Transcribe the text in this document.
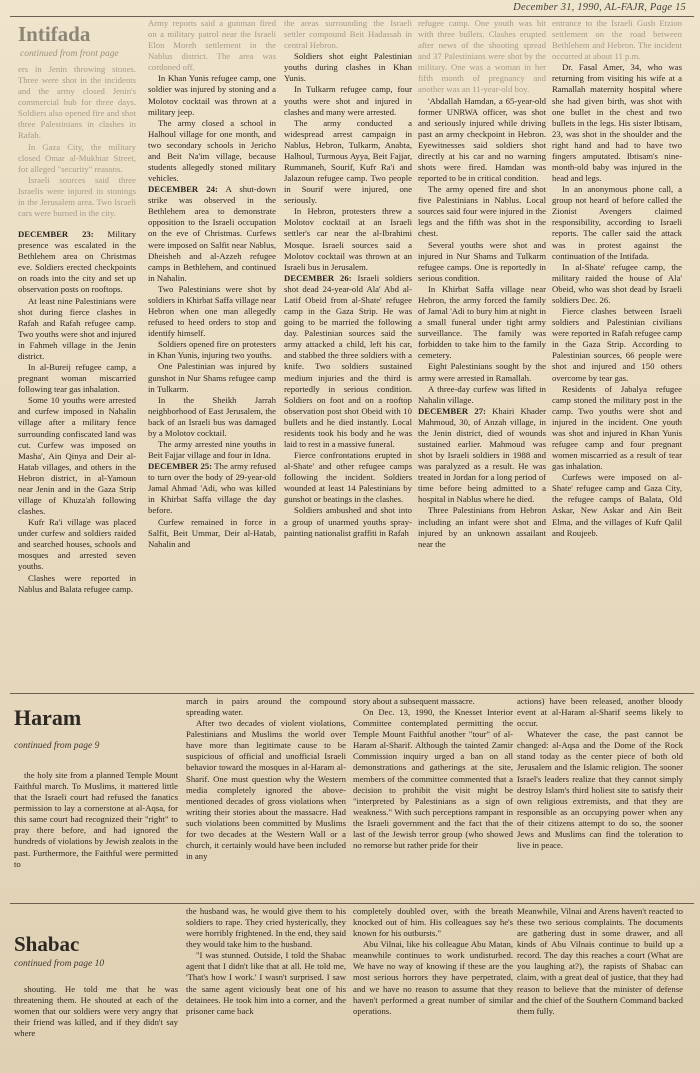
December 31, 1990, AL-FAJR, Page 15
Intifada
continued from front page

ers in Jenin throwing stones. Three were shot in the incidents and the army closed Jenin's commercial hub for three days. Soldiers also opened fire and shot three Palestinians in clashes in Rafah.

In Gaza City, the military closed Omar al-Mukhtar Street, for alleged "security" reasons.

Israeli sources said three Israelis were injured in stonings in the Jerusalem area. Two Israeli cars were burned in the city.

DECEMBER 23: Military presence was escalated in the Bethlehem area on Christmas eve. Soldiers erected checkpoints on roads into the city and set up observation posts on rooftops.

At least nine Palestinians were shot during fierce clashes in Rafah and Rafah refugee camp. Two youths were shot and injured in Fahmeh village in the Jenin district.

In al-Bureij refugee camp, a pregnant woman miscarried following tear gas inhalation.

Some 10 youths were arrested and curfew imposed in Nahalin village after a military fence surrounding confiscated land was cut. Curfew was imposed on Masha', Ain Qinya and Deir al-Hatab villages, and others in the Hebron district, in al-Yamoun near Jenin and in the Gaza Strip village of Khuza'ah following clashes.

Kufr Ra'i village was placed under curfew and soldiers raided and searched houses, schools and mosques and arrested seven youths.

Clashes were reported in Nablus and Balata refugee camp.

Army reports said a gunman fired on a military patrol near the Israeli Elon Moreh settlement in the Nablus district. The area was cordoned off.

In Khan Yunis refugee camp, one soldier was injured by stoning and a Molotov cocktail was thrown at a military jeep.

The army closed a school in Halhoul village for one month, and two secondary schools in Jericho and Beit Na'im village, because students allegedly stoned military vehicles.

DECEMBER 24: A shut-down strike was observed in the Bethlehem area to demonstrate opposition to the Israeli occupation on the eve of Christmas. Curfews were imposed on Salfit near Nablus, Dheisheh and al-Azzeh refugee camps in Bethlehem, and continued in Nahalin.

Two Palestinians were shot by soldiers in Khirbat Saffa village near Hebron when one man allegedly refused to heed orders to stop and identify himself.

Soldiers opened fire on protesters in Khan Yunis, injuring two youths.

One Palestinian was injured by gunshot in Nur Shams refugee camp in Tulkarm.

In the Sheikh Jarrah neighborhood of East Jerusalem, the back of an Israeli bus was damaged by a Molotov cocktail.

The army arrested nine youths in Beit Fajjar village and four in Idna.

DECEMBER 25: The army refused to turn over the body of 29-year-old Jamal Ahmad 'Adi, who was killed in Khirbat Saffa village the day before.

Curfew remained in force in Salfit, Beit Ummar, Deir al-Hatab, Nahalin and

the areas surrounding the Israeli settler compound Beit Hadassah in central Hebron.

Soldiers shot eight Palestinian youths during clashes in Khan Yunis.

In Tulkarm refugee camp, four youths were shot and injured in clashes and many were arrested.

The army conducted a widespread arrest campaign in Nablus, Hebron, Tulkarm, Anabta, Halhoul, Turmous Ayya, Beit Fajjar, Rummaneh, Sourif, Kufr Ra'i and Jalazoun refugee camp. Two people in Sourif were injured, one seriously.

In Hebron, protesters threw a Molotov cocktail at an Israeli settler's car near the al-Ibrahimi Mosque. Israeli sources said a Molotov cocktail was thrown at an Israeli bus in Jerusalem.

DECEMBER 26: Israeli soldiers shot dead 24-year-old Ala' Abd al-Latif Obeid from al-Shate' refugee camp in the Gaza Strip. He was going to be married the following day. Palestinian sources said the army attacked a child, left his car, and stabbed the three soldiers with a knife. Two soldiers sustained medium injuries and the third is reportedly in serious condition. Soldiers on foot and on a rooftop observation post shot Obeid with 10 bullets and he died instantly. Local residents took his body and he was laid to rest in a massive funeral.

Fierce confrontations erupted in al-Shate' and other refugee camps following the incident. Soldiers wounded at least 14 Palestinians by gunshot or beatings in the clashes.

Soldiers ambushed and shot into a group of unarmed youths spray-painting nationalist graffiti in Rafah

refugee camp. One youth was hit with three bullets. Clashes erupted after news of the shooting spread and 37 Palestinians were shot by the military. One was a woman in her fifth month of pregnancy and another was an 11-year-old boy.

'Abdallah Hamdan, a 65-year-old former UNRWA officer, was shot and seriously injured while driving past an army checkpoint in Hebron. Eyewitnesses said soldiers shot directly at his car and no warning shots were fired. Hamdan was reported to be in critical condition.

The army opened fire and shot five Palestinians in Nablus. Local sources said four were injured in the legs and the fifth was shot in the chest.

Several youths were shot and injured in Nur Shams and Tulkarm refugee camps. One is reportedly in serious condition.

In Khirbat Saffa village near Hebron, the army forced the family of Jamal 'Adi to bury him at night in a small funeral under tight army surveillance. The family was forbidden to take him to the family cemetery.

Eight Palestinians sought by the army were arrested in Ramallah.

A three-day curfew was lifted in Nahalin village.

DECEMBER 27: Khairi Khader Mahmoud, 30, of Anzah village, in the Jenin district, died of wounds sustained earlier. Mahmoud was shot by Israeli soldiers in 1988 and was paralyzed as a result. He was treated in Jordan for a long period of time before being admitted to a hospital in Nablus where he died.

Three Palestinians from Hebron including an infant were shot and injured by an unknown assailant near the

entrance to the Israeli Gush Etzion settlement on the road between Bethlehem and Hebron. The incident occurred at about 11 p.m.

Dr. Fasal Amer, 34, who was returning from visiting his wife at a Ramallah maternity hospital where she had given birth, was shot with one bullet in the chest and two bullets in the legs. His sister Ibtisam, 23, was shot in the shoulder and the right hand and had to have two fingers amputated. Ibtisam's nine-month-old baby was injured in the head and legs.

In an anonymous phone call, a group not heard of before called the Zionist Avengers claimed responsibility, according to Israeli reports. The caller said the attack was in protest against the continuation of the Intifada.

In al-Shate' refugee camp, the military raided the house of Ala' Obeid, who was shot dead by Israeli soldiers Dec. 26.

Fierce clashes between Israeli soldiers and Palestinian civilians were reported in Rafah refugee camp in the Gaza Strip. According to Palestinian sources, 66 people were shot and injured and 150 others overcome by tear gas.

Residents of Jabalya refugee camp stoned the military post in the camp. Two youths were shot and injured in the incident. One youth was shot and injured in Khan Yunis refugee camp and four pregnant women miscarried as a result of tear gas inhalation.

Curfews were imposed on al-Shate' refugee camp and Gaza City, the refugee camps of Balata, Old Askar, New Askar and Ain Beit Elma, and the villages of Kufr Qalil and Roujeeb.

Haram
continued from page 9

the holy site from a planned Temple Mount Faithful march. To Muslims, it mattered little that the Israeli court had refused the fanatics permission to lay a cornerstone at al-Aqsa, for this same court had recognized their "right" to pray there before, and had ignored the hundreds of violations by Jewish zealots in the past. Furthermore, the Faithful were permitted to

march in pairs around the compound spreading water.

After two decades of violent violations, Palestinians and Muslims the world over have more than legitimate cause to be suspicious of official and unofficial Israeli behavior toward the mosques in al-Haram al-Sharif. One must question why the Western media completely ignored the above-mentioned decades of gross violations when writing their stories about the massacre. Had such violations been committed by Muslims for two decades at the Western Wall or a church, it certainly would have been included in any

story about a subsequent massacre.

On Dec. 13, 1990, the Knesset Interior Committee contemplated permitting the Temple Mount Faithful another "tour" of al-Haram al-Sharif. Although the tainted Zamir Commission inquiry urged a ban on all demonstrations and gatherings at the site, members of the committee commented that a decision to prohibit the visit might be "interpreted by Palestinians as a sign of weakness." With such perceptions rampant in the Israeli government and the fact that the last of the Jewish terror group (who showed no remorse but rather pride for their

actions) have been released, another bloody event at al-Haram al-Sharif seems likely to occur.

Whatever the case, the past cannot be changed: al-Aqsa and the Dome of the Rock stand today as the center piece of both old Jerusalem and the Islamic religion. The sooner Israel's leaders realize that they cannot simply destroy Islam's third holiest site to satisfy their own religious extremists, and that they are responsible as an occupying power when any of their citizens attempt to do so, the sooner Jews and Muslims can find the toleration to live in peace.

Shabac
continued from page 10

shouting. He told me that he was threatening them. He shouted at each of the women that our soldiers were very angry that their friend was killed, and if they didn't say where

the husband was, he would give them to his soldiers to rape. They cried hysterically, they were horribly frightened. In the end, they said they would take him to the husband.

"I was stunned. Outside, I told the Shabac agent that I didn't like that at all. He told me, 'That's how I work.' I wasn't surprised. I saw the same agent viciously beat one of his detainees. He took him into a corner, and the prisoner came back

completely doubled over, with the breath knocked out of him. His colleagues say he's known for his outbursts."

Abu Vilnai, like his colleague Abu Matan, meanwhile continues to work undisturbed. We have no way of knowing if these are the most serious horrors they have perpetrated, and we have no reason to assume that they haven't performed a great number of similar operations.

Meanwhile, Vilnai and Arens haven't reacted to these two serious complaints. The documents are gathering dust in some drawer, and all kinds of Abu Vilnais continue to build up a record. The day this reaches a court (What are you laughing at?), the rapists of Shabac can claim, with a great deal of justice, that they had reason to believe that the minister of defense and the chief of the Southern Command backed them fully.
